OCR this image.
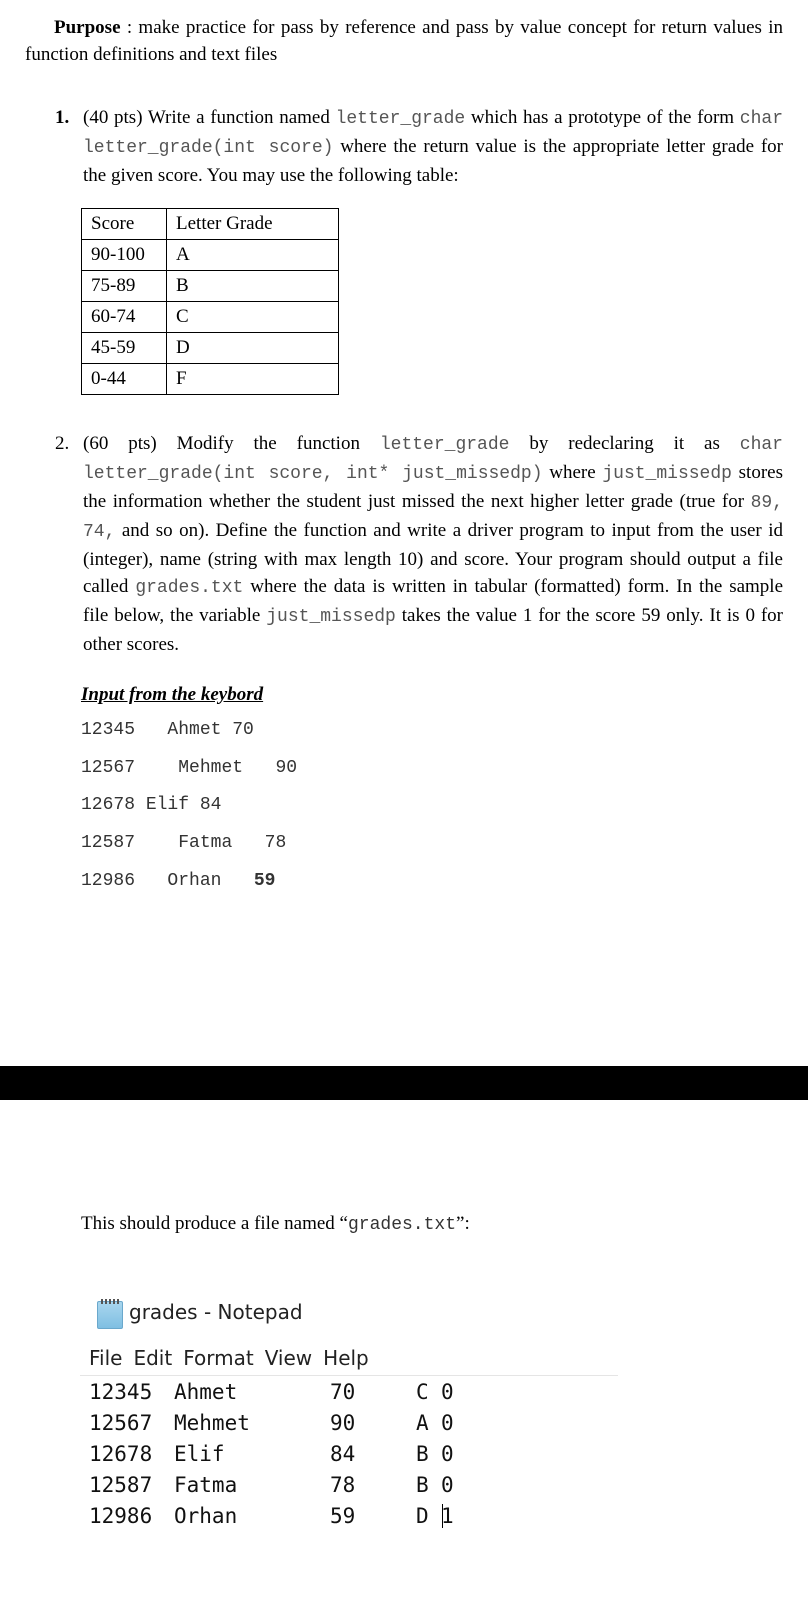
Purpose : make practice for pass by reference and pass by value concept for return values in function definitions and text files
1. (40 pts) Write a function named letter_grade which has a prototype of the form char letter_grade(int score) where the return value is the appropriate letter grade for the given score. You may use the following table:
Score	Letter Grade
90-100	A
75-89	B
60-74	C
45-59	D
0-44	F
2. (60 pts) Modify the function letter_grade by redeclaring it as char letter_grade(int score, int* just_missedp) where just_missedp stores the information whether the student just missed the next higher letter grade (true for 89, 74, and so on). Define the function and write a driver program to input from the user id (integer), name (string with max length 10) and score. Your program should output a file called grades.txt where the data is written in tabular (formatted) form. In the sample file below, the variable just_missedp takes the value 1 for the score 59 only. It is 0 for other scores.
Input from the keybord
12345 Ahmet 70
12567 Mehmet 90
12678 Elif 84
12587 Fatma 78
12986 Orhan 59
This should produce a file named “grades.txt”:
grades - Notepad
File Edit Format View Help
12345 Ahmet	70	C 0
12567 Mehmet	90	A 0
12678 Elif	84	B 0
12587 Fatma	78	B 0
12986 Orhan	59	D 1
